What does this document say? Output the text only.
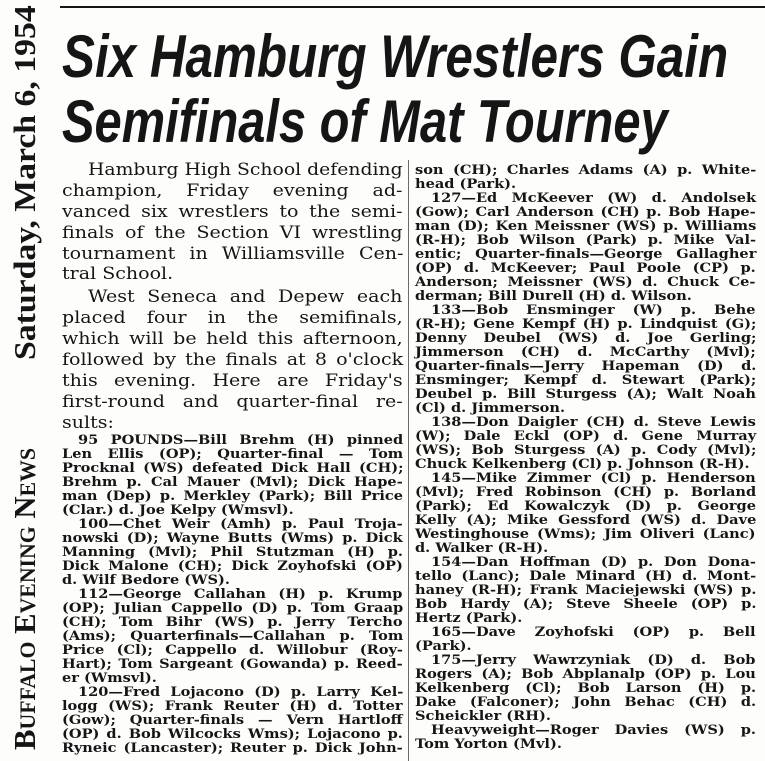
Buffalo Evening News
Saturday, March 6, 1954 Six Hamburg Wrestlers Gain
Semifinals of Mat Tourney
Hamburg High School defending
champion, Friday evening ad-
vanced six wrestlers to the semi-
finals of the Section VI wrestling
tournament in Williamsville Cen-
tral School.
West Seneca and Depew each
placed four in the semifinals,
which will be held this afternoon,
followed by the finals at 8 o'clock
this evening. Here are Friday's
first-round and quarter-final re-
sults:
95 POUNDS—Bill Brehm (H) pinned
Len Ellis (OP); Quarter-final — Tom
Procknal (WS) defeated Dick Hall (CH);
Brehm p. Cal Mauer (Mvl); Dick Hape-
man (Dep) p. Merkley (Park); Bill Price
(Clar.) d. Joe Kelpy (Wmsvl).
100—Chet Weir (Amh) p. Paul Troja-
nowski (D); Wayne Butts (Wms) p. Dick
Manning (Mvl); Phil Stutzman (H) p.
Dick Malone (CH); Dick Zoyhofski (OP)
d. Wilf Bedore (WS).
112—George Callahan (H) p. Krump
(OP); Julian Cappello (D) p. Tom Graap
(CH); Tom Bihr (WS) p. Jerry Tercho
(Ams); Quarterfinals—Callahan p. Tom
Price (Cl); Cappello d. Willobur (Roy-
Hart); Tom Sargeant (Gowanda) p. Reed-
er (Wmsvl).
120—Fred Lojacono (D) p. Larry Kel-
logg (WS); Frank Reuter (H) d. Totter
(Gow); Quarter-finals — Vern Hartloff
(OP) d. Bob Wilcocks Wms); Lojacono p.
Ryneic (Lancaster); Reuter p. Dick John-
son (CH); Charles Adams (A) p. White-
head (Park).
127—Ed McKeever (W) d. Andolsek
(Gow); Carl Anderson (CH) p. Bob Hape-
man (D); Ken Meissner (WS) p. Williams
(R-H); Bob Wilson (Park) p. Mike Val-
entic; Quarter-finals—George Gallagher
(OP) d. McKeever; Paul Poole (CP) p.
Anderson; Meissner (WS) d. Chuck Ce-
derman; Bill Durell (H) d. Wilson.
133—Bob Ensminger (W) p. Behe
(R-H); Gene Kempf (H) p. Lindquist (G);
Denny Deubel (WS) d. Joe Gerling;
Jimmerson (CH) d. McCarthy (Mvl);
Quarter-finals—Jerry Hapeman (D) d.
Ensminger; Kempf d. Stewart (Park);
Deubel p. Bill Sturgess (A); Walt Noah
(Cl) d. Jimmerson.
138—Don Daigler (CH) d. Steve Lewis
(W); Dale Eckl (OP) d. Gene Murray
(WS); Bob Sturgess (A) p. Cody (Mvl);
Chuck Kelkenberg (Cl) p. Johnson (R-H).
145—Mike Zimmer (Cl) p. Henderson
(Mvl); Fred Robinson (CH) p. Borland
(Park); Ed Kowalczyk (D) p. George
Kelly (A); Mike Gessford (WS) d. Dave
Westinghouse (Wms); Jim Oliveri (Lanc)
d. Walker (R-H).
154—Dan Hoffman (D) p. Don Dona-
tello (Lanc); Dale Minard (H) d. Mont-
haney (R-H); Frank Maciejewski (WS) p.
Bob Hardy (A); Steve Sheele (OP) p.
Hertz (Park).
165—Dave Zoyhofski (OP) p. Bell
(Park).
175—Jerry Wawrzyniak (D) d. Bob
Rogers (A); Bob Abplanalp (OP) p. Lou
Kelkenberg (Cl); Bob Larson (H) p.
Dake (Falconer); John Behac (CH) d.
Scheickler (RH).
Heavyweight—Roger Davies (WS) p.
Tom Yorton (Mvl).
